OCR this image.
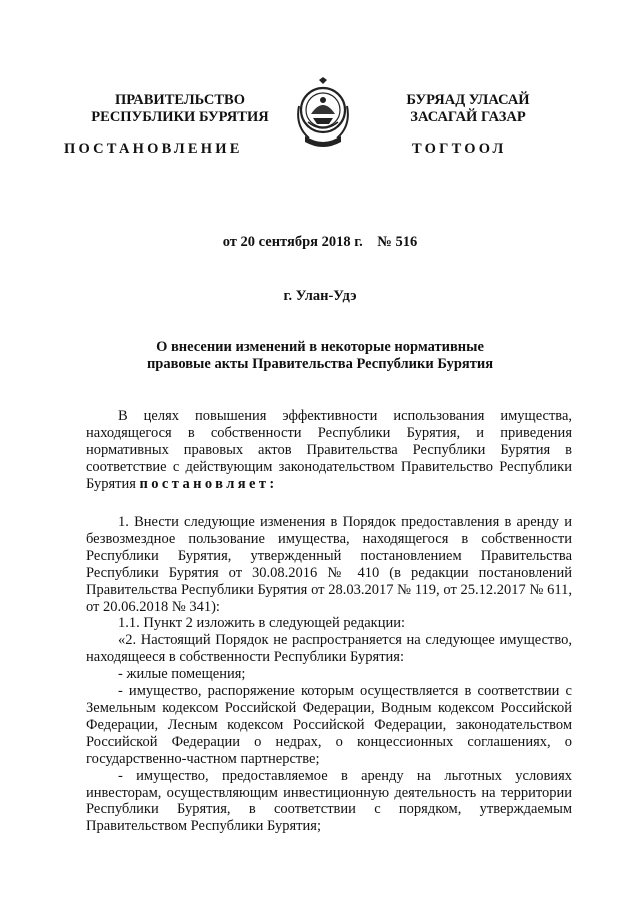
ПРАВИТЕЛЬСТВО
РЕСПУБЛИКИ БУРЯТИЯ
ПОСТАНОВЛЕНИЕ
БУРЯАД УЛАСАЙ
ЗАСАГАЙ ГАЗАР
ТОГТООЛ
от 20 сентября 2018 г.    № 516
г. Улан-Удэ
О внесении изменений в некоторые нормативные
правовые акты Правительства Республики Бурятия

В целях повышения эффективности использования имущества, находящегося в собственности Республики Бурятия, и приведения нормативных правовых актов Правительства Республики Бурятия в соответствие с действующим законодательством Правительство Республики Бурятия постановляет:

1. Внести следующие изменения в Порядок предоставления в аренду и безвозмездное пользование имущества, находящегося в собственности Республики Бурятия, утвержденный постановлением Правительства Республики Бурятия от 30.08.2016 № 410 (в редакции постановлений Правительства Республики Бурятия от 28.03.2017 № 119, от 25.12.2017 № 611, от 20.06.2018 № 341):

1.1. Пункт 2 изложить в следующей редакции:

«2. Настоящий Порядок не распространяется на следующее имущество, находящееся в собственности Республики Бурятия:

- жилые помещения;

- имущество, распоряжение которым осуществляется в соответствии с Земельным кодексом Российской Федерации, Водным кодексом Российской Федерации, Лесным кодексом Российской Федерации, законодательством Российской Федерации о недрах, о концессионных соглашениях, о государственно-частном партнерстве;

- имущество, предоставляемое в аренду на льготных условиях инвесторам, осуществляющим инвестиционную деятельность на территории Республики Бурятия, в соответствии с порядком, утверждаемым Правительством Республики Бурятия;
